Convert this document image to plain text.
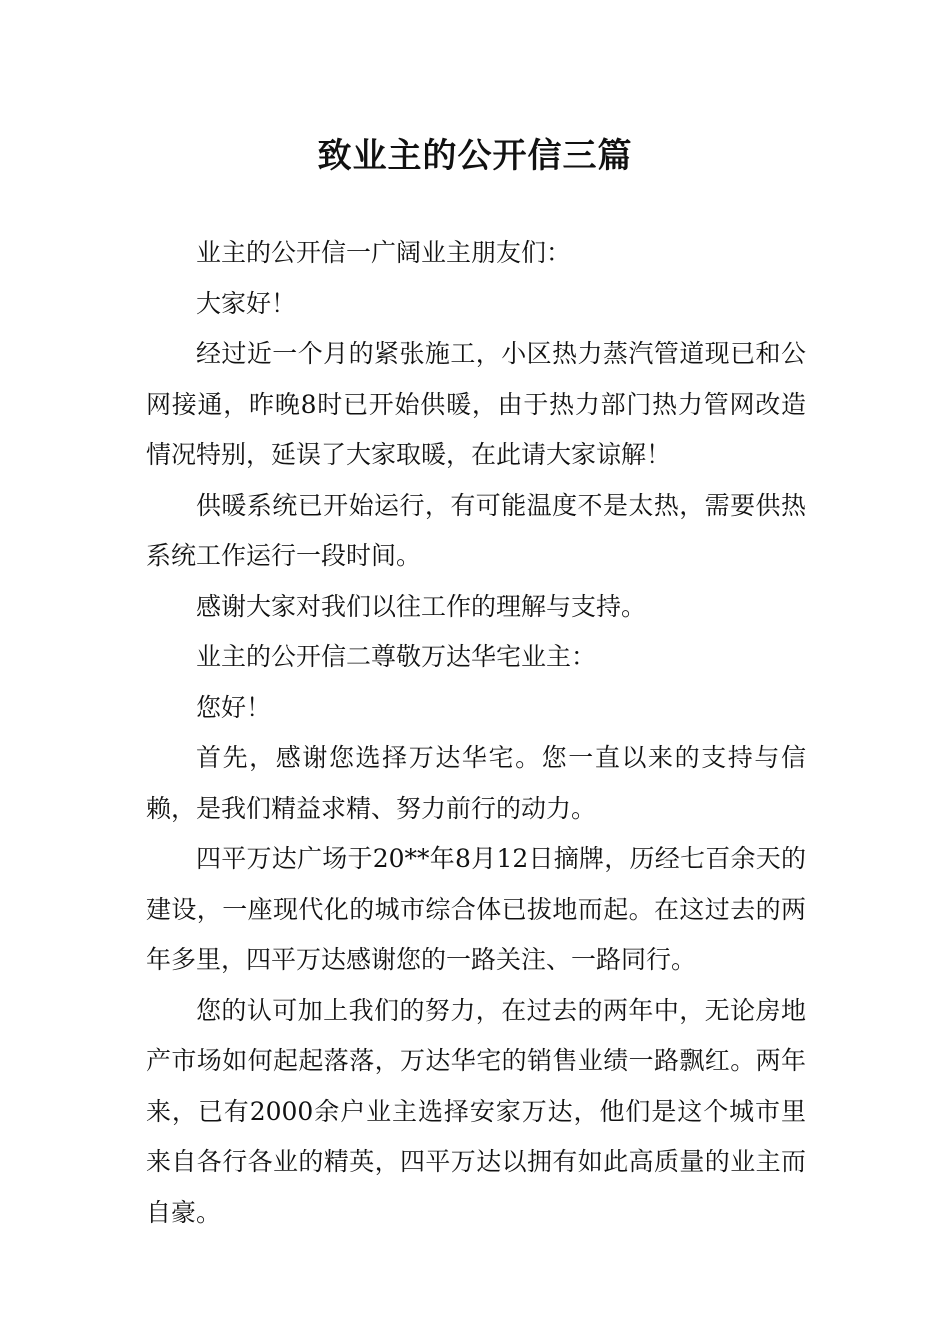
致业主的公开信三篇

业主的公开信一广阔业主朋友们：

大家好！

经过近一个月的紧张施工，小区热力蒸汽管道现已和公网接通，昨晚8时已开始供暖，由于热力部门热力管网改造情况特别，延误了大家取暖，在此请大家谅解！

供暖系统已开始运行，有可能温度不是太热，需要供热系统工作运行一段时间。

感谢大家对我们以往工作的理解与支持。

业主的公开信二尊敬万达华宅业主：

您好！

首先，感谢您选择万达华宅。您一直以来的支持与信赖，是我们精益求精、努力前行的动力。

四平万达广场于20**年8月12日摘牌，历经七百余天的建设，一座现代化的城市综合体已拔地而起。在这过去的两年多里，四平万达感谢您的一路关注、一路同行。

您的认可加上我们的努力，在过去的两年中，无论房地产市场如何起起落落，万达华宅的销售业绩一路飘红。两年来，已有2000余户业主选择安家万达，他们是这个城市里来自各行各业的精英，四平万达以拥有如此高质量的业主而自豪。
